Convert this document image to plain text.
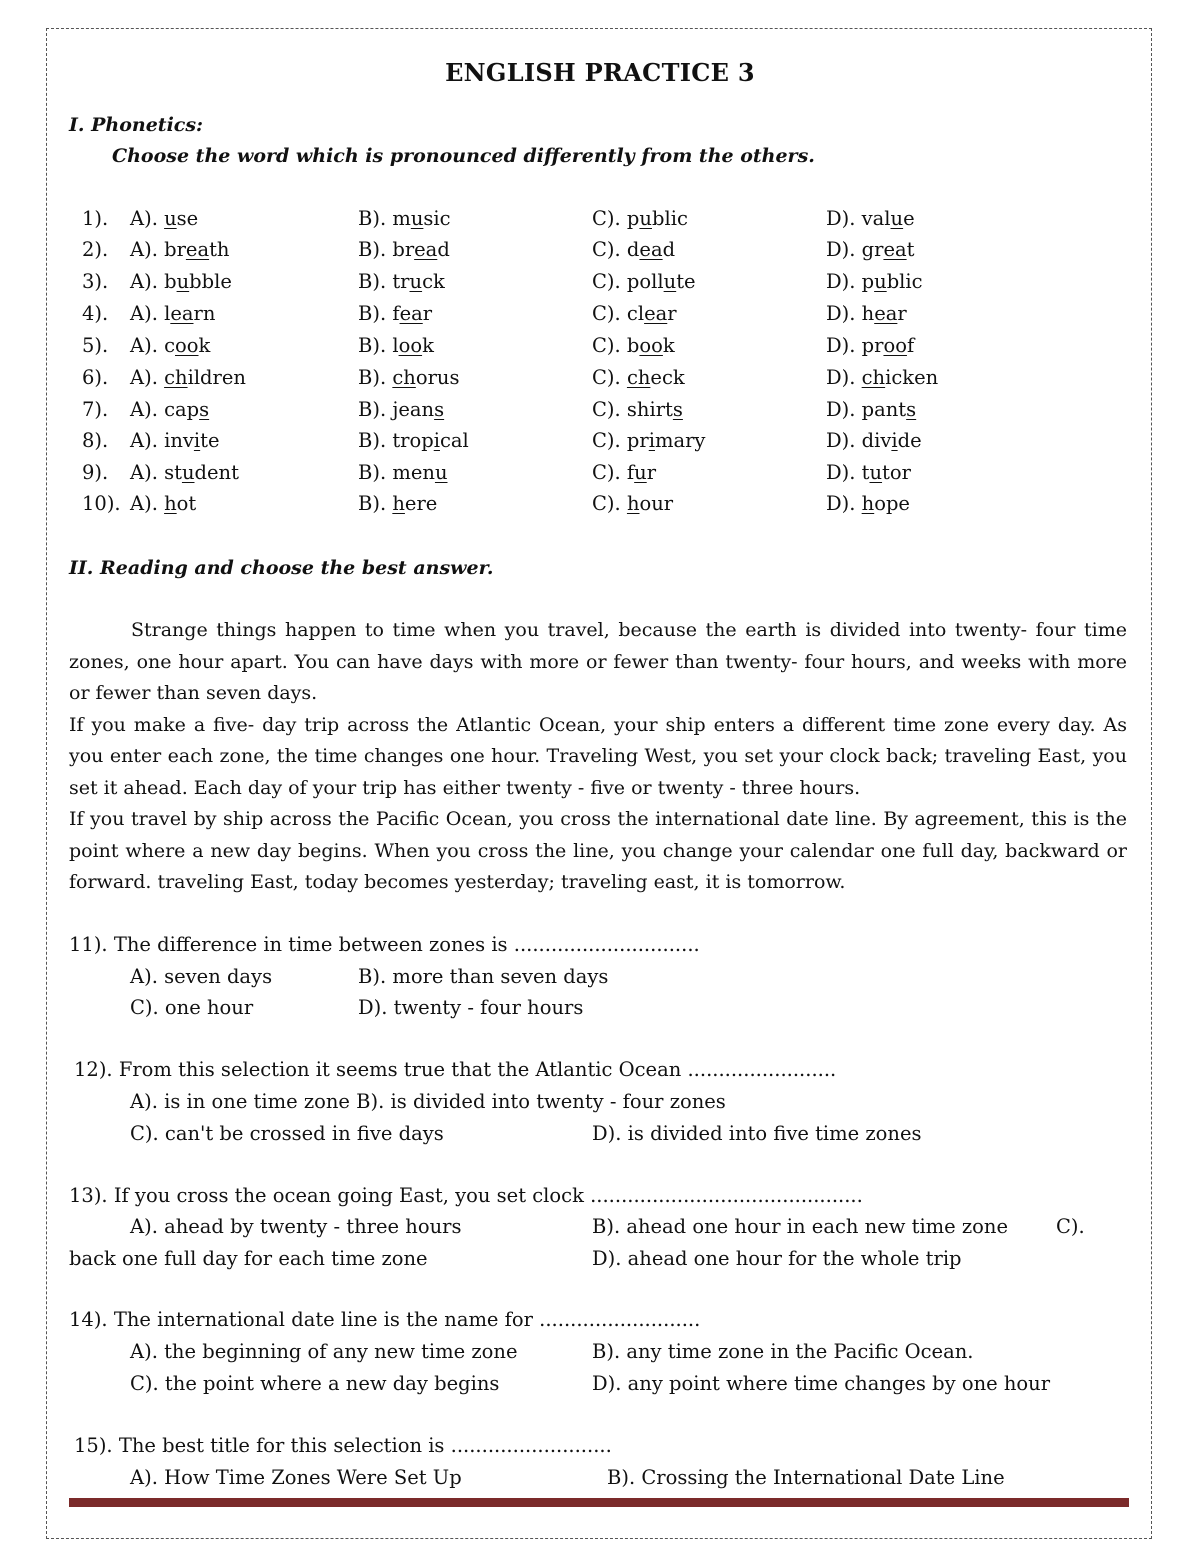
ENGLISH PRACTICE 3
I. Phonetics:
Choose the word which is pronounced differently from the others.
1). A). use	B). music	C). public	D). value
2). A). breath	B). bread	C). dead	D). great
3). A). bubble	B). truck	C). pollute	D). public
4). A). learn	B). fear	C). clear	D). hear
5). A). cook	B). look	C). book	D). proof
6). A). children	B). chorus	C). check	D). chicken
7). A). caps	B). jeans	C). shirts	D). pants
8). A). invite	B). tropical	C). primary	D). divide
9). A). student	B). menu	C). fur	D). tutor
10). A). hot	B). here	C). hour	D). hope
II. Reading and choose the best answer.

Strange things happen to time when you travel, because the earth is divided into twenty- four time zones, one hour apart. You can have days with more or fewer than twenty- four hours, and weeks with more or fewer than seven days.

If you make a five- day trip across the Atlantic Ocean, your ship enters a different time zone every day. As you enter each zone, the time changes one hour. Traveling West, you set your clock back; traveling East, you set it ahead. Each day of your trip has either twenty - five or twenty - three hours.

If you travel by ship across the Pacific Ocean, you cross the international date line. By agreement, this is the point where a new day begins. When you cross the line, you change your calendar one full day, backward or forward. traveling East, today becomes yesterday; traveling east, it is tomorrow.

11). The difference in time between zones is ..............................
A). seven days	B). more than seven days
C). one hour	D). twenty - four hours
12). From this selection it seems true that the Atlantic Ocean ........................
A). is in one time zone B). is divided into twenty - four zones
C). can't be crossed in five days	D). is divided into five time zones
13). If you cross the ocean going East, you set clock ............................................
A). ahead by twenty - three hours	B). ahead one hour in each new time zone C).
back one full day for each time zone	D). ahead one hour for the whole trip
14). The international date line is the name for ..........................
A). the beginning of any new time zone	B). any time zone in the Pacific Ocean.
C). the point where a new day begins	D). any point where time changes by one hour
15). The best title for this selection is ..........................
A). How Time Zones Were Set Up	B). Crossing the International Date Line
